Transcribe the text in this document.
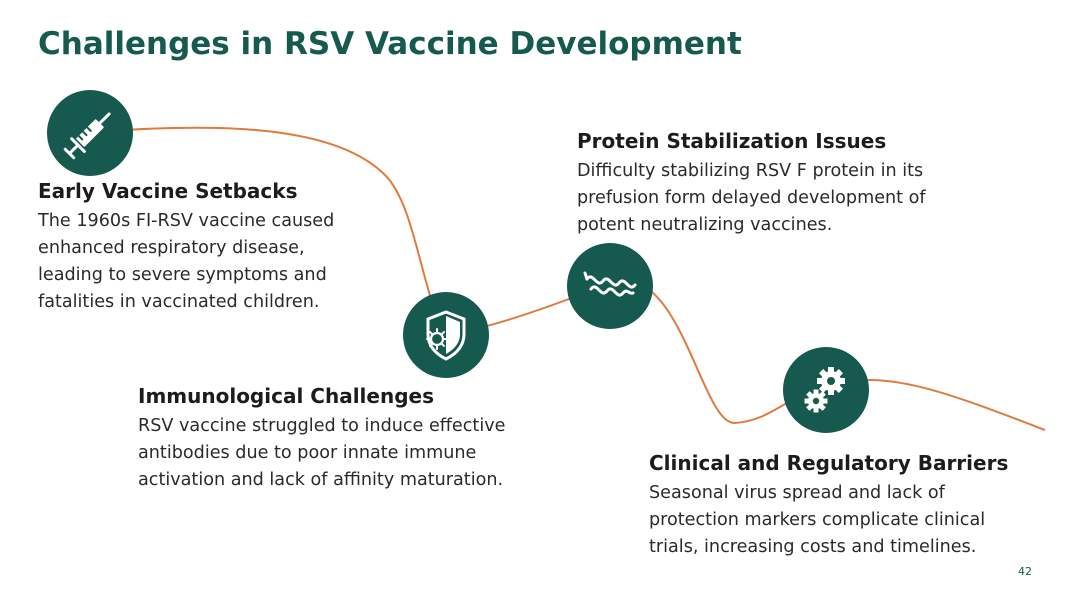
Challenges in RSV Vaccine Development
Early Vaccine Setbacks

The 1960s FI-RSV vaccine caused
enhanced respiratory disease,
leading to severe symptoms and
fatalities in vaccinated children.

Immunological Challenges

RSV vaccine struggled to induce effective
antibodies due to poor innate immune
activation and lack of affinity maturation.

Protein Stabilization Issues

Difficulty stabilizing RSV F protein in its
prefusion form delayed development of
potent neutralizing vaccines.

Clinical and Regulatory Barriers

Seasonal virus spread and lack of
protection markers complicate clinical
trials, increasing costs and timelines.

42
